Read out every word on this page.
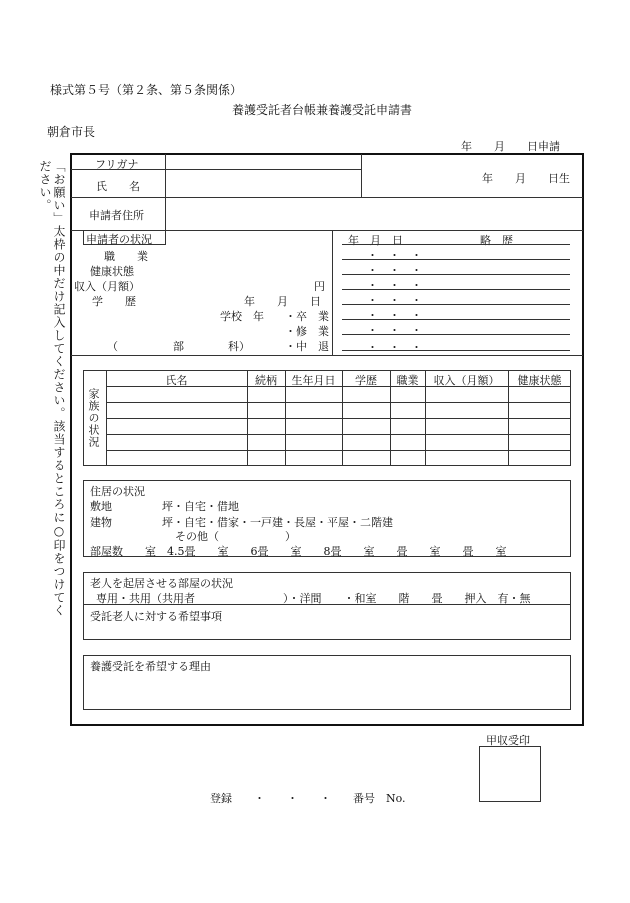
様式第５号（第２条、第５条関係）
養護受託者台帳兼養護受託申請書
朝倉市長
年　　月　　日申請
「お願い」太枠の中だけ記入してください。該当するところに○印をつけてください。	フリガナ
氏　　名
年　　月　　日生
申請者住所
申請者の状況
職　　業
健康状態
収入（月額）	円
学　　歴	年　　月　　日
学校　年 ・卒　業
・修　業
（　　　　　部　　　　科）	・中　退
年　月　日	略　歴
・　・　・
・　・　・
・　・　・
・　・　・
・　・　・
・　・　・
・　・　・
家族の状況
氏名	続柄	生年月日	学歴	職業	収入（月額）	健康状態
住居の状況
敷地	坪・自宅・借地
建物	坪・自宅・借家・一戸建・長屋・平屋・二階建
その他（　　　　　　）
部屋数　　室　4.5畳　　室　　6畳　　室　　8畳　　室　　畳　　室　　畳　　室
老人を起居させる部屋の状況
専用・共用（共用者　　　　　　　　）・洋間　　・和室　　階　　畳　　押入　有・無
受託老人に対する希望事項
養護受託を希望する理由
甲収受印
登録　　・　　・　　・　　番号　No.
